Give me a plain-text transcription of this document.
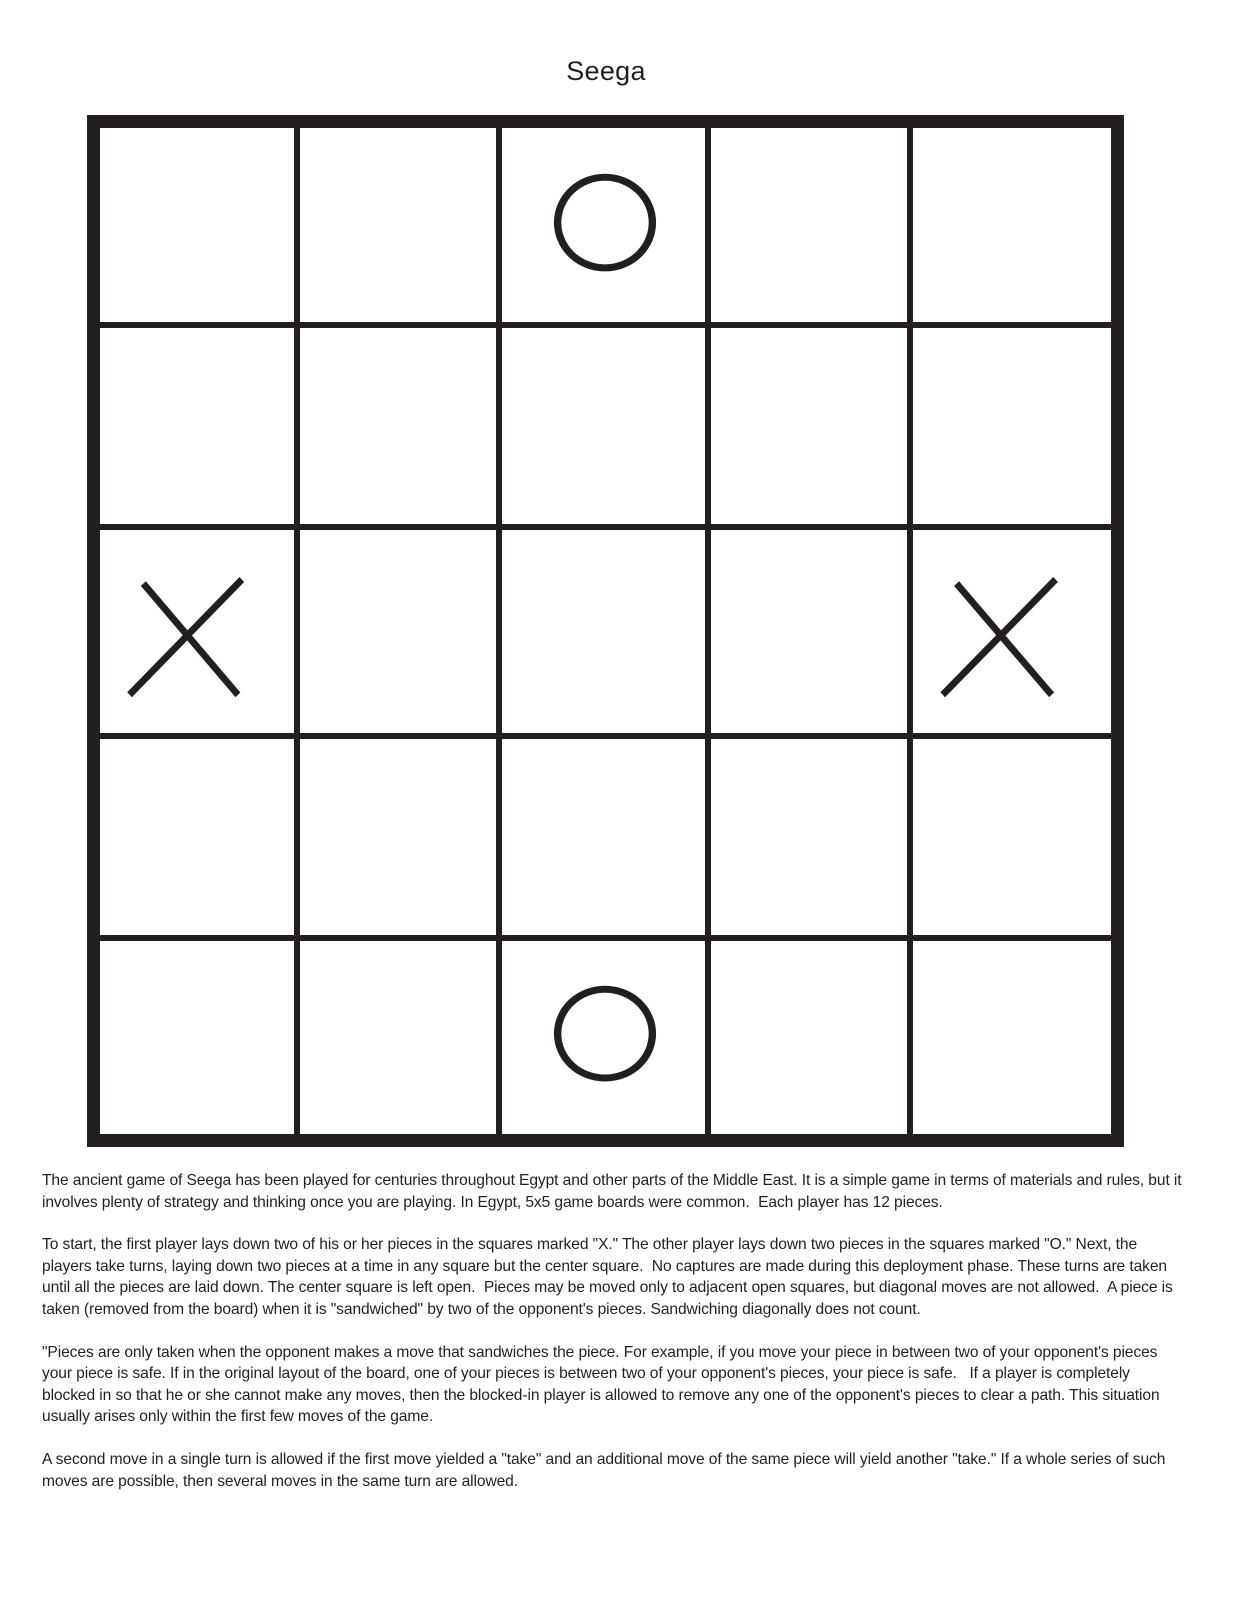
Seega

The ancient game of Seega has been played for centuries throughout Egypt and other parts of the Middle East. It is a simple game in terms of materials and rules, but it involves plenty of strategy and thinking once you are playing. In Egypt, 5x5 game boards were common.  Each player has 12 pieces.

To start, the first player lays down two of his or her pieces in the squares marked "X." The other player lays down two pieces in the squares marked "O." Next, the players take turns, laying down two pieces at a time in any square but the center square.  No captures are made during this deployment phase. These turns are taken until all the pieces are laid down. The center square is left open.  Pieces may be moved only to adjacent open squares, but diagonal moves are not allowed.  A piece is taken (removed from the board) when it is "sandwiched" by two of the opponent's pieces. Sandwiching diagonally does not count.

"Pieces are only taken when the opponent makes a move that sandwiches the piece. For example, if you move your piece in between two of your opponent's pieces your piece is safe. If in the original layout of the board, one of your pieces is between two of your opponent's pieces, your piece is safe.   If a player is completely blocked in so that he or she cannot make any moves, then the blocked-in player is allowed to remove any one of the opponent's pieces to clear a path. This situation usually arises only within the first few moves of the game.

A second move in a single turn is allowed if the first move yielded a "take" and an additional move of the same piece will yield another "take." If a whole series of such moves are possible, then several moves in the same turn are allowed.
